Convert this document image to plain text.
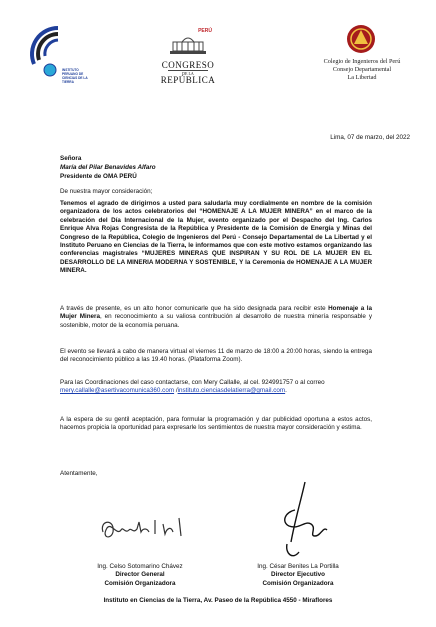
INSTITUTO PERUANO DE CIENCIAS DE LA TIERRA
PERÚ
CONGRESO
DE LA
REPÚBLICA
Colegio de Ingenieros del Perú
Consejo Departamental
La Libertad
Lima, 07 de marzo, del 2022
Señora
María del Pilar Benavides Alfaro
Presidente de OMA PERÚ
De nuestra mayor consideración;
Tenemos el agrado de dirigirnos a usted para saludarla muy cordialmente en nombre de la comisión organizadora de los actos celebratorios del “HOMENAJE A LA MUJER MINERA” en el marco de la celebración del Día Internacional de la Mujer, evento organizado por el Despacho del Ing. Carlos Enrique Alva Rojas Congresista de la República y Presidente de la Comisión de Energía y Minas del Congreso de la República, Colegio de Ingenieros del Perú - Consejo Departamental de La Libertad y el Instituto Peruano en Ciencias de la Tierra, le informamos que con este motivo estamos organizando las conferencias magistrales “MUJERES MINERAS QUE INSPIRAN Y SU ROL DE LA MUJER EN EL DESARROLLO DE LA MINERIA MODERNA Y SOSTENIBLE, Y la Ceremonia de HOMENAJE A LA MUJER MINERA.
A través de presente, es un alto honor comunicarle que ha sido designada para recibir este Homenaje a la Mujer Minera, en reconocimiento a su valiosa contribución al desarrollo de nuestra minería responsable y sostenible, motor de la economía peruana.
El evento se llevará a cabo de manera virtual el viernes 11 de marzo de 18:00 a 20:00 horas, siendo la entrega del reconocimiento público a las 19.40 horas. (Plataforma Zoom).
Para las Coordinaciones del caso contactarse, con Mery Callalle, al cel. 924991757 o al correo mery.callalle@asertivacomunica360.com /instituto.cienciasdelatierra@gmail.com.
A la espera de su gentil aceptación, para formular la programación y dar publicidad oportuna a estos actos, hacemos propicia la oportunidad para expresarle los sentimientos de nuestra mayor consideración y estima.
Atentamente,
Ing. Celso Sotomarino Chávez
Director General
Comisión Organizadora
Ing. César Benites La Portilla
Director Ejecutivo
Comisión Organizadora
Instituto en Ciencias de la Tierra, Av. Paseo de la República 4550 - Miraflores
